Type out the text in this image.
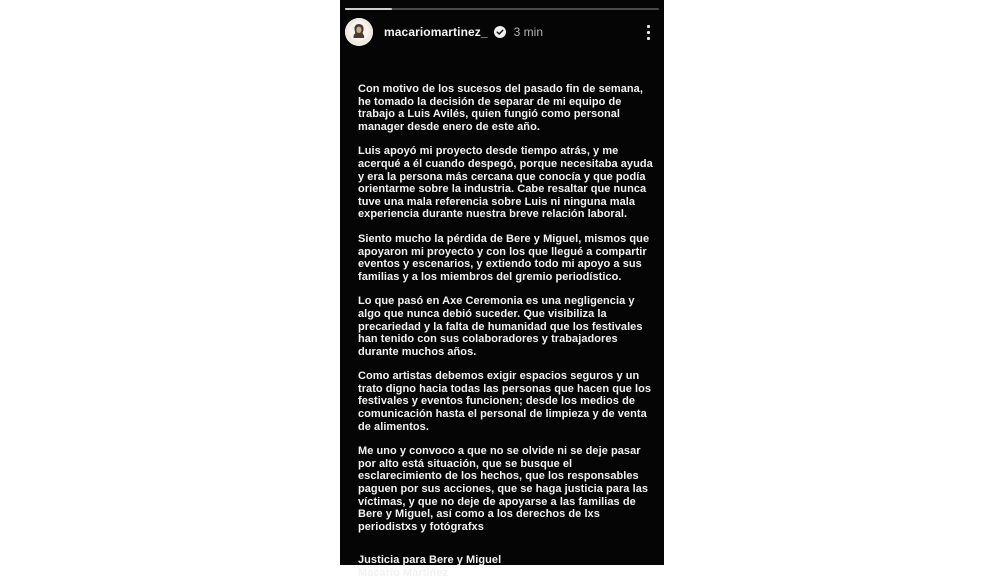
macariomartinez_ 3 min

Con motivo de los sucesos del pasado fin de semana, he tomado la decisión de separar de mi equipo de trabajo a Luis Avilés, quien fungió como personal manager desde enero de este año.

Luis apoyó mi proyecto desde tiempo atrás, y me acerqué a él cuando despegó, porque necesitaba ayuda y era la persona más cercana que conocía y que podía orientarme sobre la industria. Cabe resaltar que nunca tuve una mala referencia sobre Luis ni ninguna mala experiencia durante nuestra breve relación laboral.

Siento mucho la pérdida de Bere y Miguel, mismos que apoyaron mi proyecto y con los que llegué a compartir eventos y escenarios, y extiendo todo mi apoyo a sus familias y a los miembros del gremio periodístico.

Lo que pasó en Axe Ceremonia es una negligencia y algo que nunca debió suceder. Que visibiliza la precariedad y la falta de humanidad que los festivales han tenido con sus colaboradores y trabajadores durante muchos años.

Como artistas debemos exigir espacios seguros y un trato digno hacia todas las personas que hacen que los festivales y eventos funcionen; desde los medios de comunicación hasta el personal de limpieza y de venta de alimentos.

Me uno y convoco a que no se olvide ni se deje pasar por alto está situación, que se busque el esclarecimiento de los hechos, que los responsables paguen por sus acciones, que se haga justicia para las víctimas, y que no deje de apoyarse a las familias de Bere y Miguel, así como a los derechos de lxs periodistxs y fotógrafxs

Justicia para Bere y Miguel

Macario Martínez
